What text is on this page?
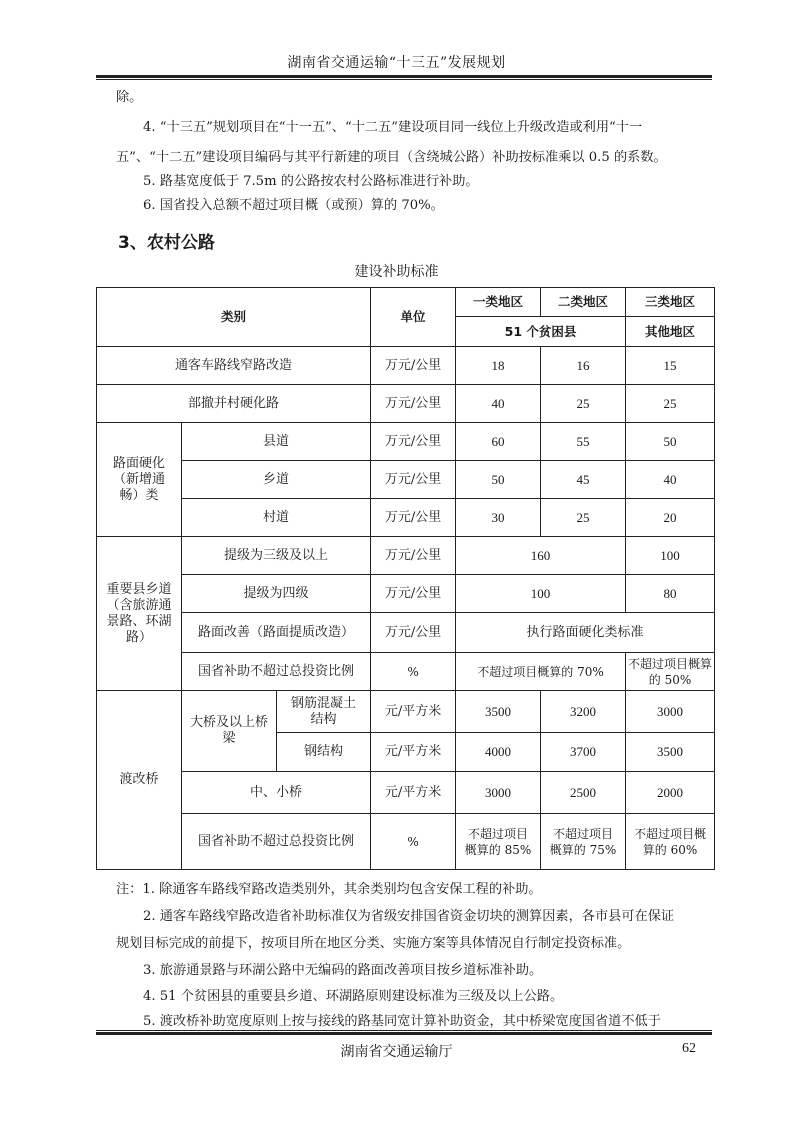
湖南省交通运输“十三五”发展规划
除。
4. “十三五”规划项目在“十一五”、“十二五”建设项目同一线位上升级改造或利用“十一
五”、“十二五”建设项目编码与其平行新建的项目（含绕城公路）补助按标准乘以 0.5 的系数。
5. 路基宽度低于 7.5m 的公路按农村公路标准进行补助。
6. 国省投入总额不超过项目概（或预）算的 70%。
3、农村公路
建设补助标准
类别			单位	一类地区	二类地区	三类地区
				51 个贫困县		其他地区
通客车路线窄路改造			万元/公里	18	16	15
部撤并村硬化路			万元/公里	40	25	25
路面硬化（新增通畅）类	县道		万元/公里	60	55	50
	乡道		万元/公里	50	45	40
	村道		万元/公里	30	25	20
重要县乡道（含旅游通景路、环湖路）	提级为三级及以上		万元/公里	160		100
	提级为四级		万元/公里	100		80
	路面改善（路面提质改造）		万元/公里	执行路面硬化类标准		
	国省补助不超过总投资比例		%	不超过项目概算的 70%		不超过项目概算的 50%
渡改桥	大桥及以上桥梁	钢筋混凝土结构	元/平方米	3500	3200	3000
		钢结构	元/平方米	4000	3700	3500
	中、小桥		元/平方米	3000	2500	2000
	国省补助不超过总投资比例		%	不超过项目概算的 85%	不超过项目概算的 75%	不超过项目概算的 60%
注：1. 除通客车路线窄路改造类别外，其余类别均包含安保工程的补助。
2. 通客车路线窄路改造省补助标准仅为省级安排国省资金切块的测算因素，各市县可在保证
规划目标完成的前提下，按项目所在地区分类、实施方案等具体情况自行制定投资标准。
3. 旅游通景路与环湖公路中无编码的路面改善项目按乡道标准补助。
4. 51 个贫困县的重要县乡道、环湖路原则建设标准为三级及以上公路。
5. 渡改桥补助宽度原则上按与接线的路基同宽计算补助资金，其中桥梁宽度国省道不低于
湖南省交通运输厅	62
